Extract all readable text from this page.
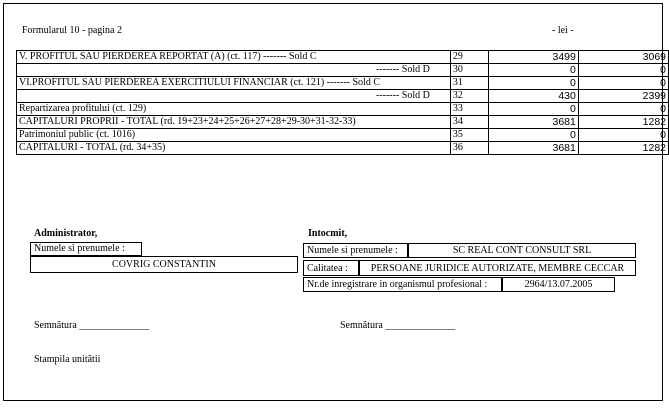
Formularul 10 - pagina 2	- lei -
V. PROFITUL SAU PIERDEREA REPORTAT (A) (ct. 117) ------- Sold C	29	3499	3069
------- Sold D	30	0	0
VI.PROFITUL SAU PIERDEREA EXERCITIULUI FINANCIAR (ct. 121) ------- Sold C	31	0	0
------- Sold D	32	430	2399
Repartizarea profitului (ct. 129)	33	0	0
CAPITALURI PROPRII - TOTAL (rd. 19+23+24+25+26+27+28+29-30+31-32-33)	34	3681	1282
Patrimoniul public (ct. 1016)	35	0	0
CAPITALURI - TOTAL (rd. 34+35)	36	3681	1282
Administrator,
Numele si prenumele :
COVRIG CONSTANTIN
Intocmit,
Numele si prenumele :	SC REAL CONT CONSULT SRL
Calitatea :	PERSOANE JURIDICE AUTORIZATE, MEMBRE CECCAR
Nr.de inregistrare in organismul profesional :	2964/13.07.2005
Semnătura ______________	Semnătura ______________
Stampila unitătii
